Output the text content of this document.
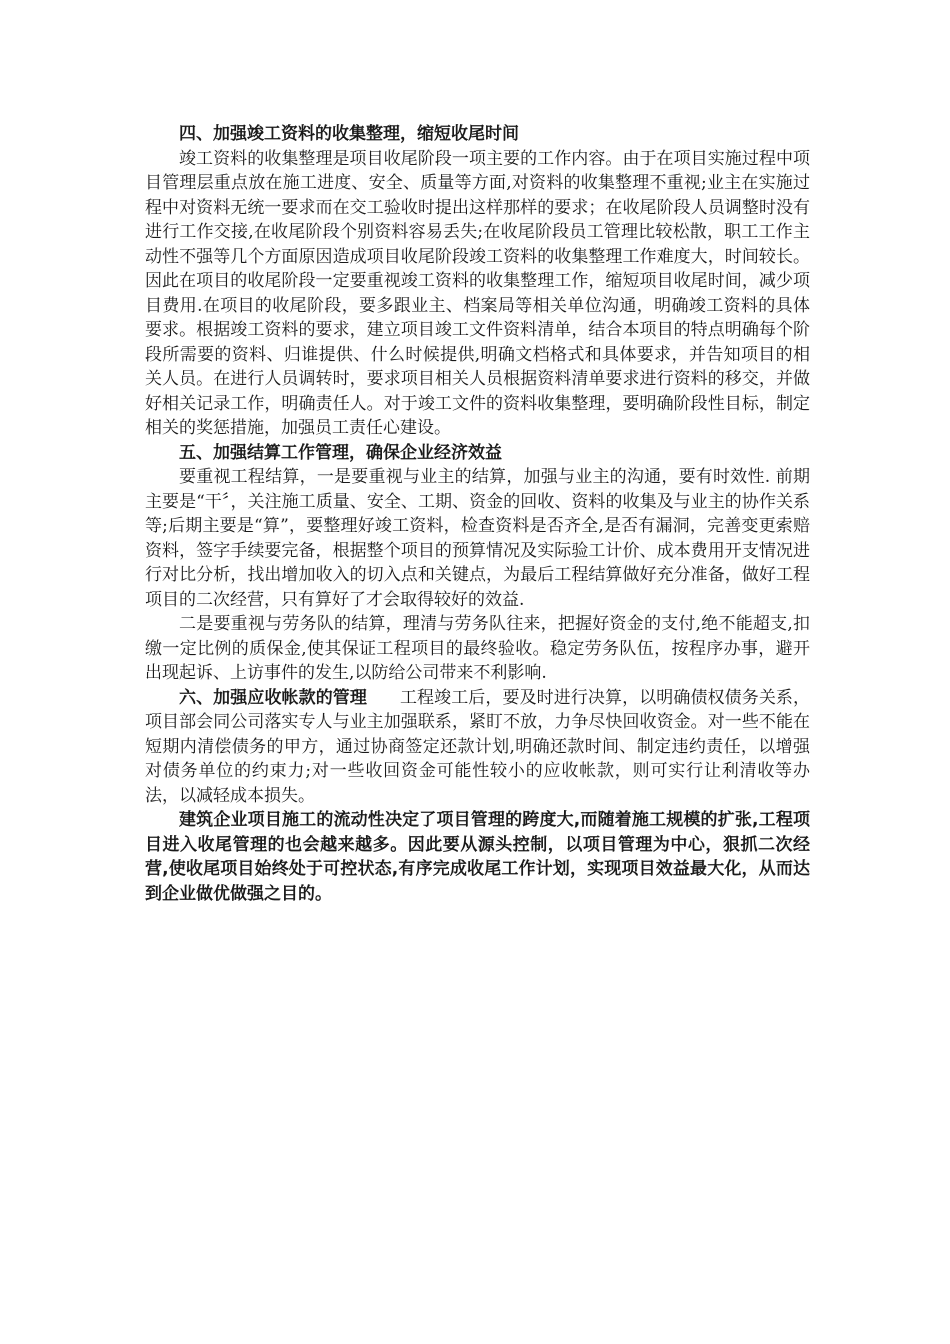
四、加强竣工资料的收集整理，缩短收尾时间

竣工资料的收集整理是项目收尾阶段一项主要的工作内容。由于在项目实施过程中项目管理层重点放在施工进度、安全、质量等方面,对资料的收集整理不重视;业主在实施过程中对资料无统一要求而在交工验收时提出这样那样的要求；在收尾阶段人员调整时没有进行工作交接,在收尾阶段个别资料容易丢失;在收尾阶段员工管理比较松散，职工工作主动性不强等几个方面原因造成项目收尾阶段竣工资料的收集整理工作难度大，时间较长。因此在项目的收尾阶段一定要重视竣工资料的收集整理工作，缩短项目收尾时间，减少项目费用.在项目的收尾阶段，要多跟业主、档案局等相关单位沟通，明确竣工资料的具体要求。根据竣工资料的要求，建立项目竣工文件资料清单，结合本项目的特点明确每个阶段所需要的资料、归谁提供、什么时候提供,明确文档格式和具体要求，并告知项目的相关人员。在进行人员调转时，要求项目相关人员根据资料清单要求进行资料的移交，并做好相关记录工作，明确责任人。对于竣工文件的资料收集整理，要明确阶段性目标，制定相关的奖惩措施，加强员工责任心建设。

五、加强结算工作管理，确保企业经济效益

要重视工程结算，一是要重视与业主的结算，加强与业主的沟通，要有时效性. 前期主要是“干〞，关注施工质量、安全、工期、资金的回收、资料的收集及与业主的协作关系等;后期主要是“算”，要整理好竣工资料，检查资料是否齐全,是否有漏洞，完善变更索赔资料，签字手续要完备，根据整个项目的预算情况及实际验工计价、成本费用开支情况进行对比分析，找出增加收入的切入点和关键点，为最后工程结算做好充分准备，做好工程项目的二次经营，只有算好了才会取得较好的效益.

二是要重视与劳务队的结算，理清与劳务队往来，把握好资金的支付,绝不能超支,扣缴一定比例的质保金,使其保证工程项目的最终验收。稳定劳务队伍，按程序办事，避开出现起诉、上访事件的发生,以防给公司带来不利影响.

六、加强应收帐款的管理 工程竣工后，要及时进行决算，以明确债权债务关系，项目部会同公司落实专人与业主加强联系，紧盯不放，力争尽快回收资金。对一些不能在短期内清偿债务的甲方，通过协商签定还款计划,明确还款时间、制定违约责任，以增强对债务单位的约束力;对一些收回资金可能性较小的应收帐款，则可实行让利清收等办法，以减轻成本损失。

建筑企业项目施工的流动性决定了项目管理的跨度大,而随着施工规模的扩张,工程项目进入收尾管理的也会越来越多。因此要从源头控制，以项目管理为中心，狠抓二次经营,使收尾项目始终处于可控状态,有序完成收尾工作计划，实现项目效益最大化，从而达到企业做优做强之目的。
